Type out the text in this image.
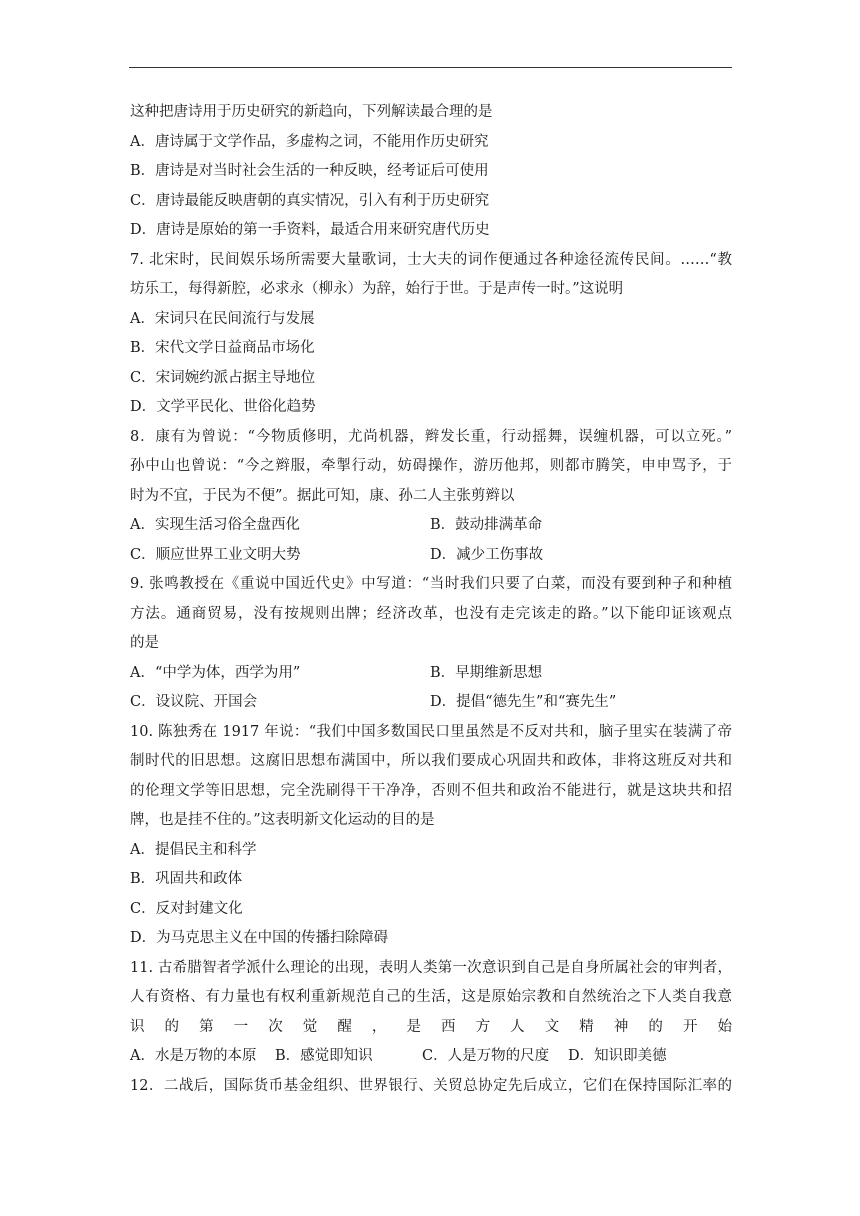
这种把唐诗用于历史研究的新趋向，下列解读最合理的是
A．唐诗属于文学作品，多虚构之词，不能用作历史研究
B．唐诗是对当时社会生活的一种反映，经考证后可使用
C．唐诗最能反映唐朝的真实情况，引入有利于历史研究
D．唐诗是原始的第一手资料，最适合用来研究唐代历史
7. 北宋时，民间娱乐场所需要大量歌词，士大夫的词作便通过各种途径流传民间。……“教
坊乐工，每得新腔，必求永（柳永）为辞，始行于世。于是声传一时。”这说明
A．宋词只在民间流行与发展
B．宋代文学日益商品市场化
C．宋词婉约派占据主导地位
D．文学平民化、世俗化趋势
8．康有为曾说：“今物质修明，尤尚机器，辫发长重，行动摇舞，误缠机器，可以立死。”
孙中山也曾说：“今之辫服，牵掣行动，妨碍操作，游历他邦，则都市腾笑，申申骂予，于
时为不宜，于民为不便”。据此可知，康、孙二人主张剪辫以
A．实现生活习俗全盘西化	B．鼓动排满革命
C．顺应世界工业文明大势	D．减少工伤事故
9. 张鸣教授在《重说中国近代史》中写道：“当时我们只要了白菜，而没有要到种子和种植
方法。通商贸易，没有按规则出牌；经济改革，也没有走完该走的路。”以下能印证该观点
的是
A．“中学为体，西学为用”	B．早期维新思想
C．设议院、开国会	D．提倡“德先生”和“赛先生”
10. 陈独秀在 1917 年说：“我们中国多数国民口里虽然是不反对共和，脑子里实在装满了帝
制时代的旧思想。这腐旧思想布满国中，所以我们要成心巩固共和政体，非将这班反对共和
的伦理文学等旧思想，完全洗刷得干干净净，否则不但共和政治不能进行，就是这块共和招
牌，也是挂不住的。”这表明新文化运动的目的是
A．提倡民主和科学
B．巩固共和政体
C．反对封建文化
D．为马克思主义在中国的传播扫除障碍
11. 古希腊智者学派什么理论的出现，表明人类第一次意识到自己是自身所属社会的审判者，
人有资格、有力量也有权利重新规范自己的生活，这是原始宗教和自然统治之下人类自我意
识的第一次觉醒，是西方人文精神的开始
A．水是万物的本原	B．感觉即知识	C．人是万物的尺度	D．知识即美德
12．二战后，国际货币基金组织、世界银行、关贸总协定先后成立，它们在保持国际汇率的
